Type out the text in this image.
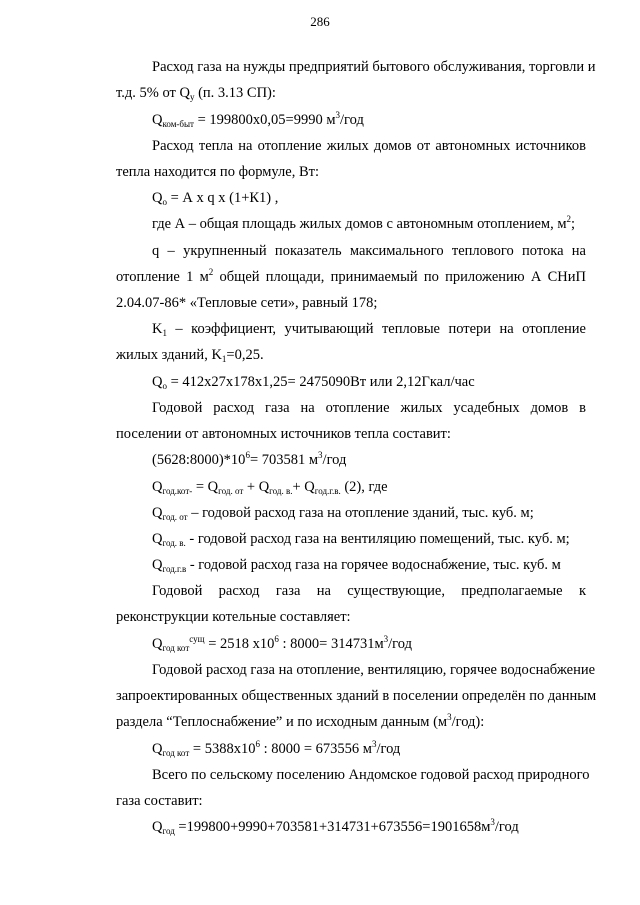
286
Расход газа на нужды предприятий бытового обслуживания, торговли и
т.д. 5% от $Q_у$ (п. 3.13 СП):
$Q_{ком-быт} = 199800х0,05=9990$ $м^3$/год
Расход тепла на отопление жилых домов от автономных источников
тепла находится по формуле, Вт:
$Q_о = А$ х q х (1+К1) ,
где А – общая площадь жилых домов с автономным отоплением, $м^2$;
q – укрупненный показатель максимального теплового потока на
отопление 1 $м^2$ общей площади, принимаемый по приложению А СНиП
2.04.07-86* «Тепловые сети», равный 178;
$K_1$ – коэффициент, учитывающий тепловые потери на отопление
жилых зданий, $K_1=0,25$.
$Q_о = 412х27х178х1,25= 2475090Вт$ или 2,12Гкал/час
Годовой расход газа на отопление жилых усадебных домов в
поселении от автономных источников тепла составит:
$(5628:8000)*10^6= 703581$ $м^3$/год
$Q_{год.кот-} = Q_{год. от} + Q_{год. в.}+ Q_{год.г.в.}$ (2), где
$Q_{год. от}$ – годовой расход газа на отопление зданий, тыс. куб. м;
$Q_{год. в.}$ - годовой расход газа на вентиляцию помещений, тыс. куб. м;
$Q_{год.г.в}$ - годовой расход газа на горячее водоснабжение, тыс. куб. м
Годовой расход газа на существующие, предполагаемые к
реконструкции котельные составляет:
$Q_{год кот}^{сущ} = 2518$ $х10^6$ : $8000= 314731м^3$/год
Годовой расход газа на отопление, вентиляцию, горячее водоснабжение
запроектированных общественных зданий в поселении определён по данным
раздела “Теплоснабжение” и по исходным данным $(м^3/год)$:
$Q_{год кот} = 5388х10^6$ : 8000 = 673556 $м^3$/год
Всего по сельскому поселению Андомское годовой расход природного
газа составит:
$Q_{год} =199800+9990+703581+314731+673556=1901658м^3/год$
